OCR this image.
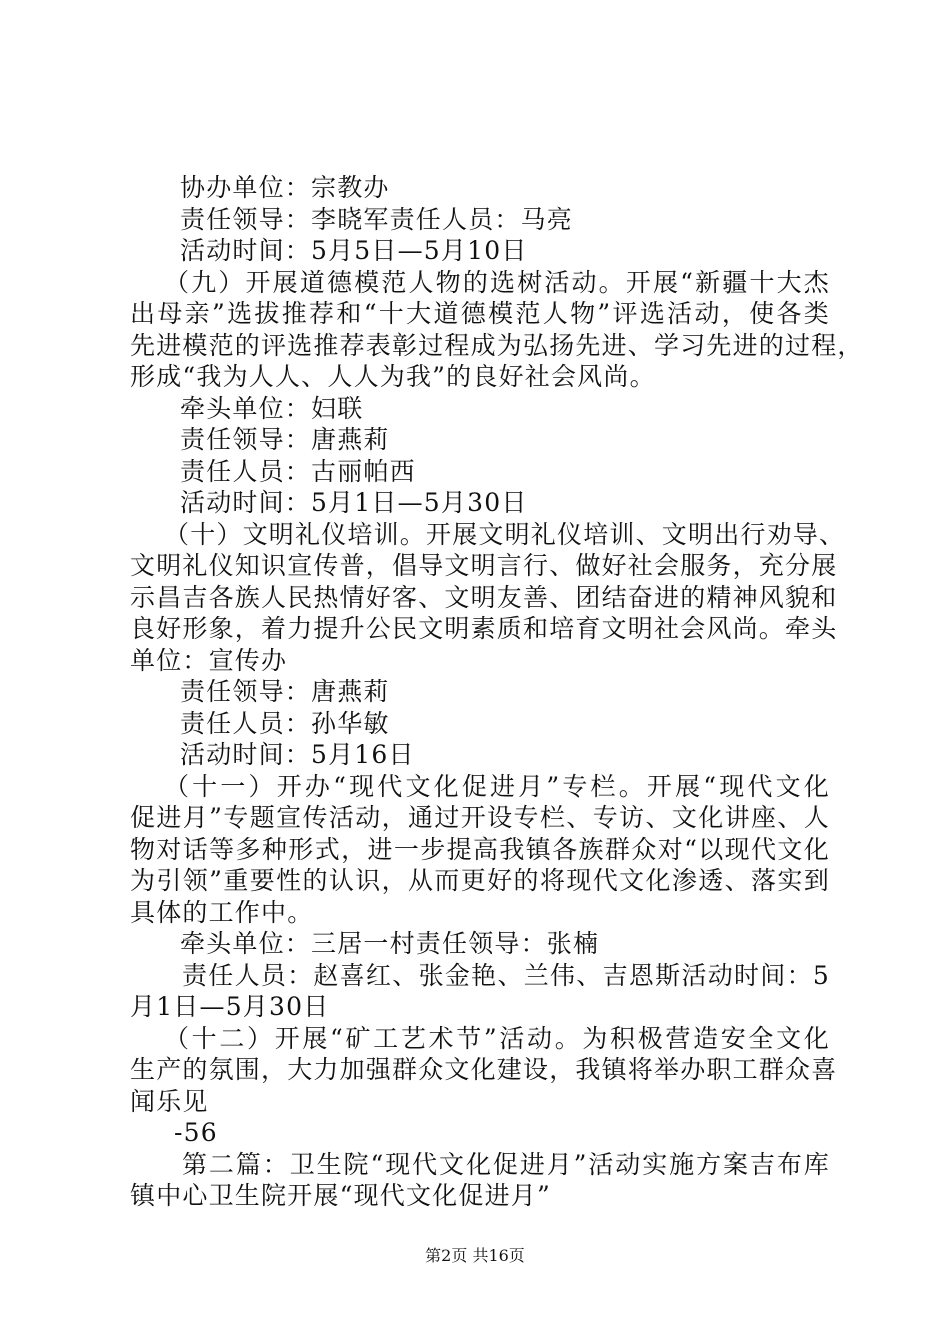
协办单位：宗教办
责任领导：李晓军责任人员：马亮
活动时间：5月5日—5月10日
（九）开展道德模范人物的选树活动。开展“新疆十大杰
出母亲”选拔推荐和“十大道德模范人物”评选活动，使各类
先进模范的评选推荐表彰过程成为弘扬先进、学习先进的过程，
形成“我为人人、人人为我”的良好社会风尚。
牵头单位：妇联
责任领导：唐燕莉
责任人员：古丽帕西
活动时间：5月1日—5月30日
（十）文明礼仪培训。开展文明礼仪培训、文明出行劝导、
文明礼仪知识宣传普，倡导文明言行、做好社会服务，充分展
示昌吉各族人民热情好客、文明友善、团结奋进的精神风貌和
良好形象，着力提升公民文明素质和培育文明社会风尚。牵头
单位：宣传办
责任领导：唐燕莉
责任人员：孙华敏
活动时间：5月16日
（十一）开办“现代文化促进月”专栏。开展“现代文化
促进月”专题宣传活动，通过开设专栏、专访、文化讲座、人
物对话等多种形式，进一步提高我镇各族群众对“以现代文化
为引领”重要性的认识，从而更好的将现代文化渗透、落实到
具体的工作中。
牵头单位：三居一村责任领导：张楠
责任人员：赵喜红、张金艳、兰伟、吉恩斯活动时间：5
月1日—5月30日
（十二）开展“矿工艺术节”活动。为积极营造安全文化
生产的氛围，大力加强群众文化建设，我镇将举办职工群众喜
闻乐见
-56
第二篇：卫生院“现代文化促进月”活动实施方案吉布库
镇中心卫生院开展“现代文化促进月”
第2页 共16页
